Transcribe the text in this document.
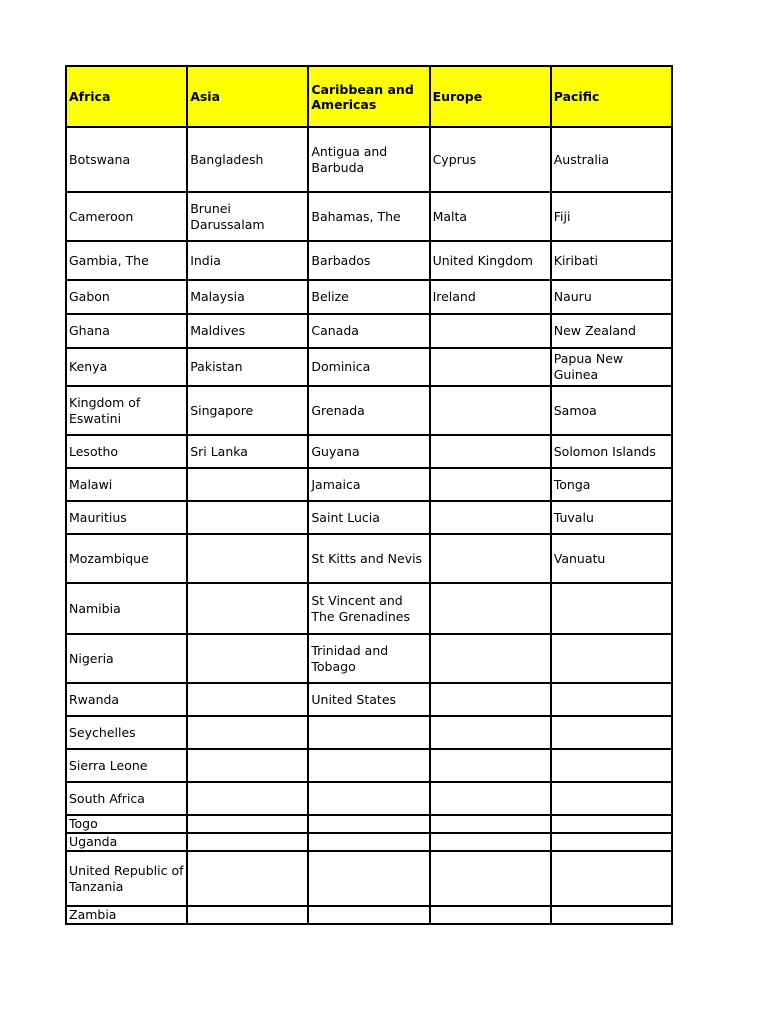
Africa	Asia	Caribbean and Americas	Europe	Pacific
Botswana	Bangladesh	Antigua and Barbuda	Cyprus	Australia
Cameroon	Brunei Darussalam	Bahamas, The	Malta	Fiji
Gambia, The	India	Barbados	United Kingdom	Kiribati
Gabon	Malaysia	Belize	Ireland	Nauru
Ghana	Maldives	Canada		New Zealand
Kenya	Pakistan	Dominica		Papua New Guinea
Kingdom of Eswatini	Singapore	Grenada		Samoa
Lesotho	Sri Lanka	Guyana		Solomon Islands
Malawi		Jamaica		Tonga
Mauritius		Saint Lucia		Tuvalu
Mozambique		St Kitts and Nevis		Vanuatu
Namibia		St Vincent and The Grenadines		
Nigeria		Trinidad and Tobago		
Rwanda		United States		
Seychelles				
Sierra Leone				
South Africa				
Togo				
Uganda				
United Republic of Tanzania				
Zambia				
